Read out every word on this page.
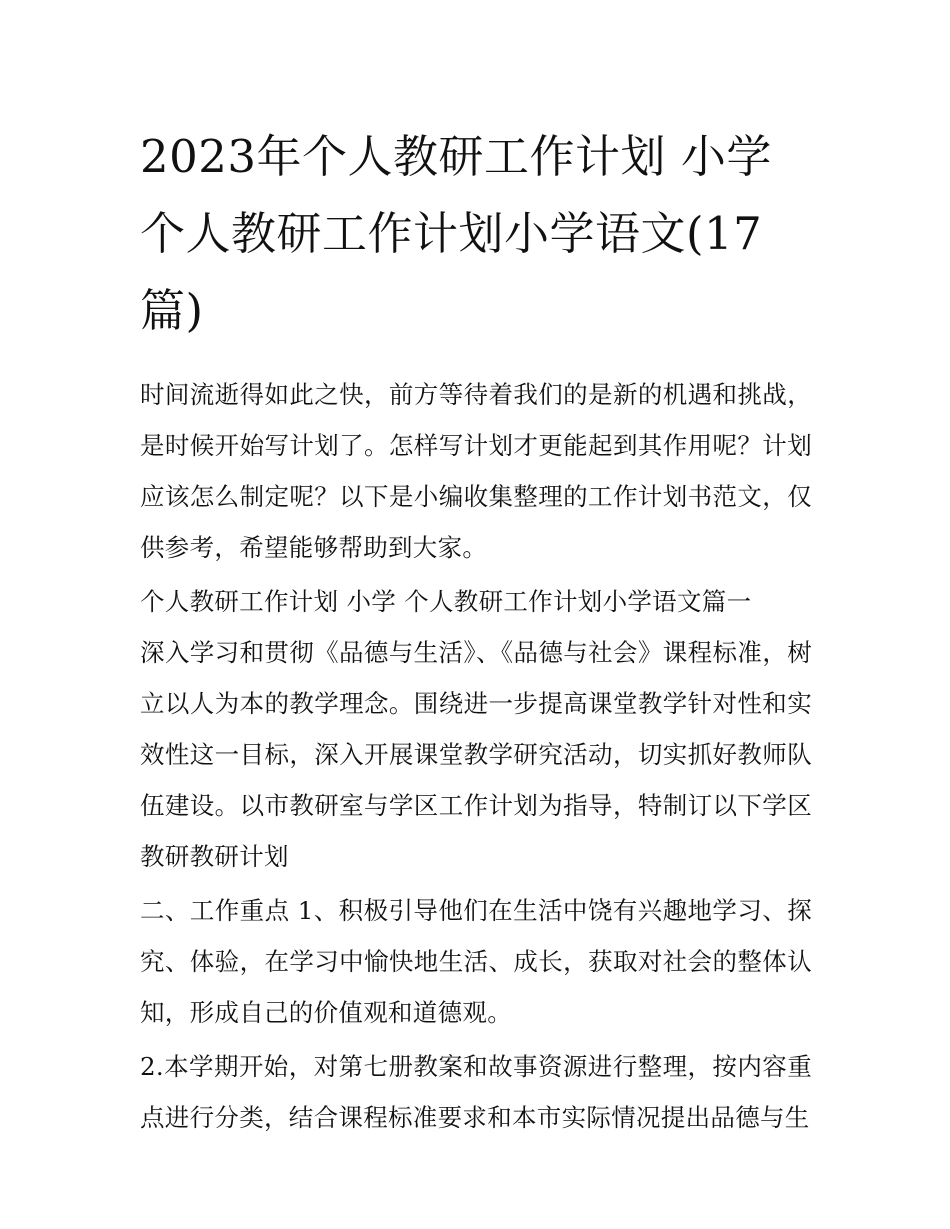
2023年个人教研工作计划 小学 个人教研工作计划小学语文(17篇)

时间流逝得如此之快，前方等待着我们的是新的机遇和挑战，是时候开始写计划了。怎样写计划才更能起到其作用呢？计划应该怎么制定呢？以下是小编收集整理的工作计划书范文，仅供参考，希望能够帮助到大家。

个人教研工作计划 小学 个人教研工作计划小学语文篇一

深入学习和贯彻《品德与生活》、《品德与社会》课程标准，树立以人为本的教学理念。围绕进一步提高课堂教学针对性和实效性这一目标，深入开展课堂教学研究活动，切实抓好教师队伍建设。以市教研室与学区工作计划为指导，特制订以下学区教研教研计划

二、工作重点 1、积极引导他们在生活中饶有兴趣地学习、探究、体验，在学习中愉快地生活、成长，获取对社会的整体认知，形成自己的价值观和道德观。

2.本学期开始，对第七册教案和故事资源进行整理，按内容重点进行分类，结合课程标准要求和本市实际情况提出品德与生
